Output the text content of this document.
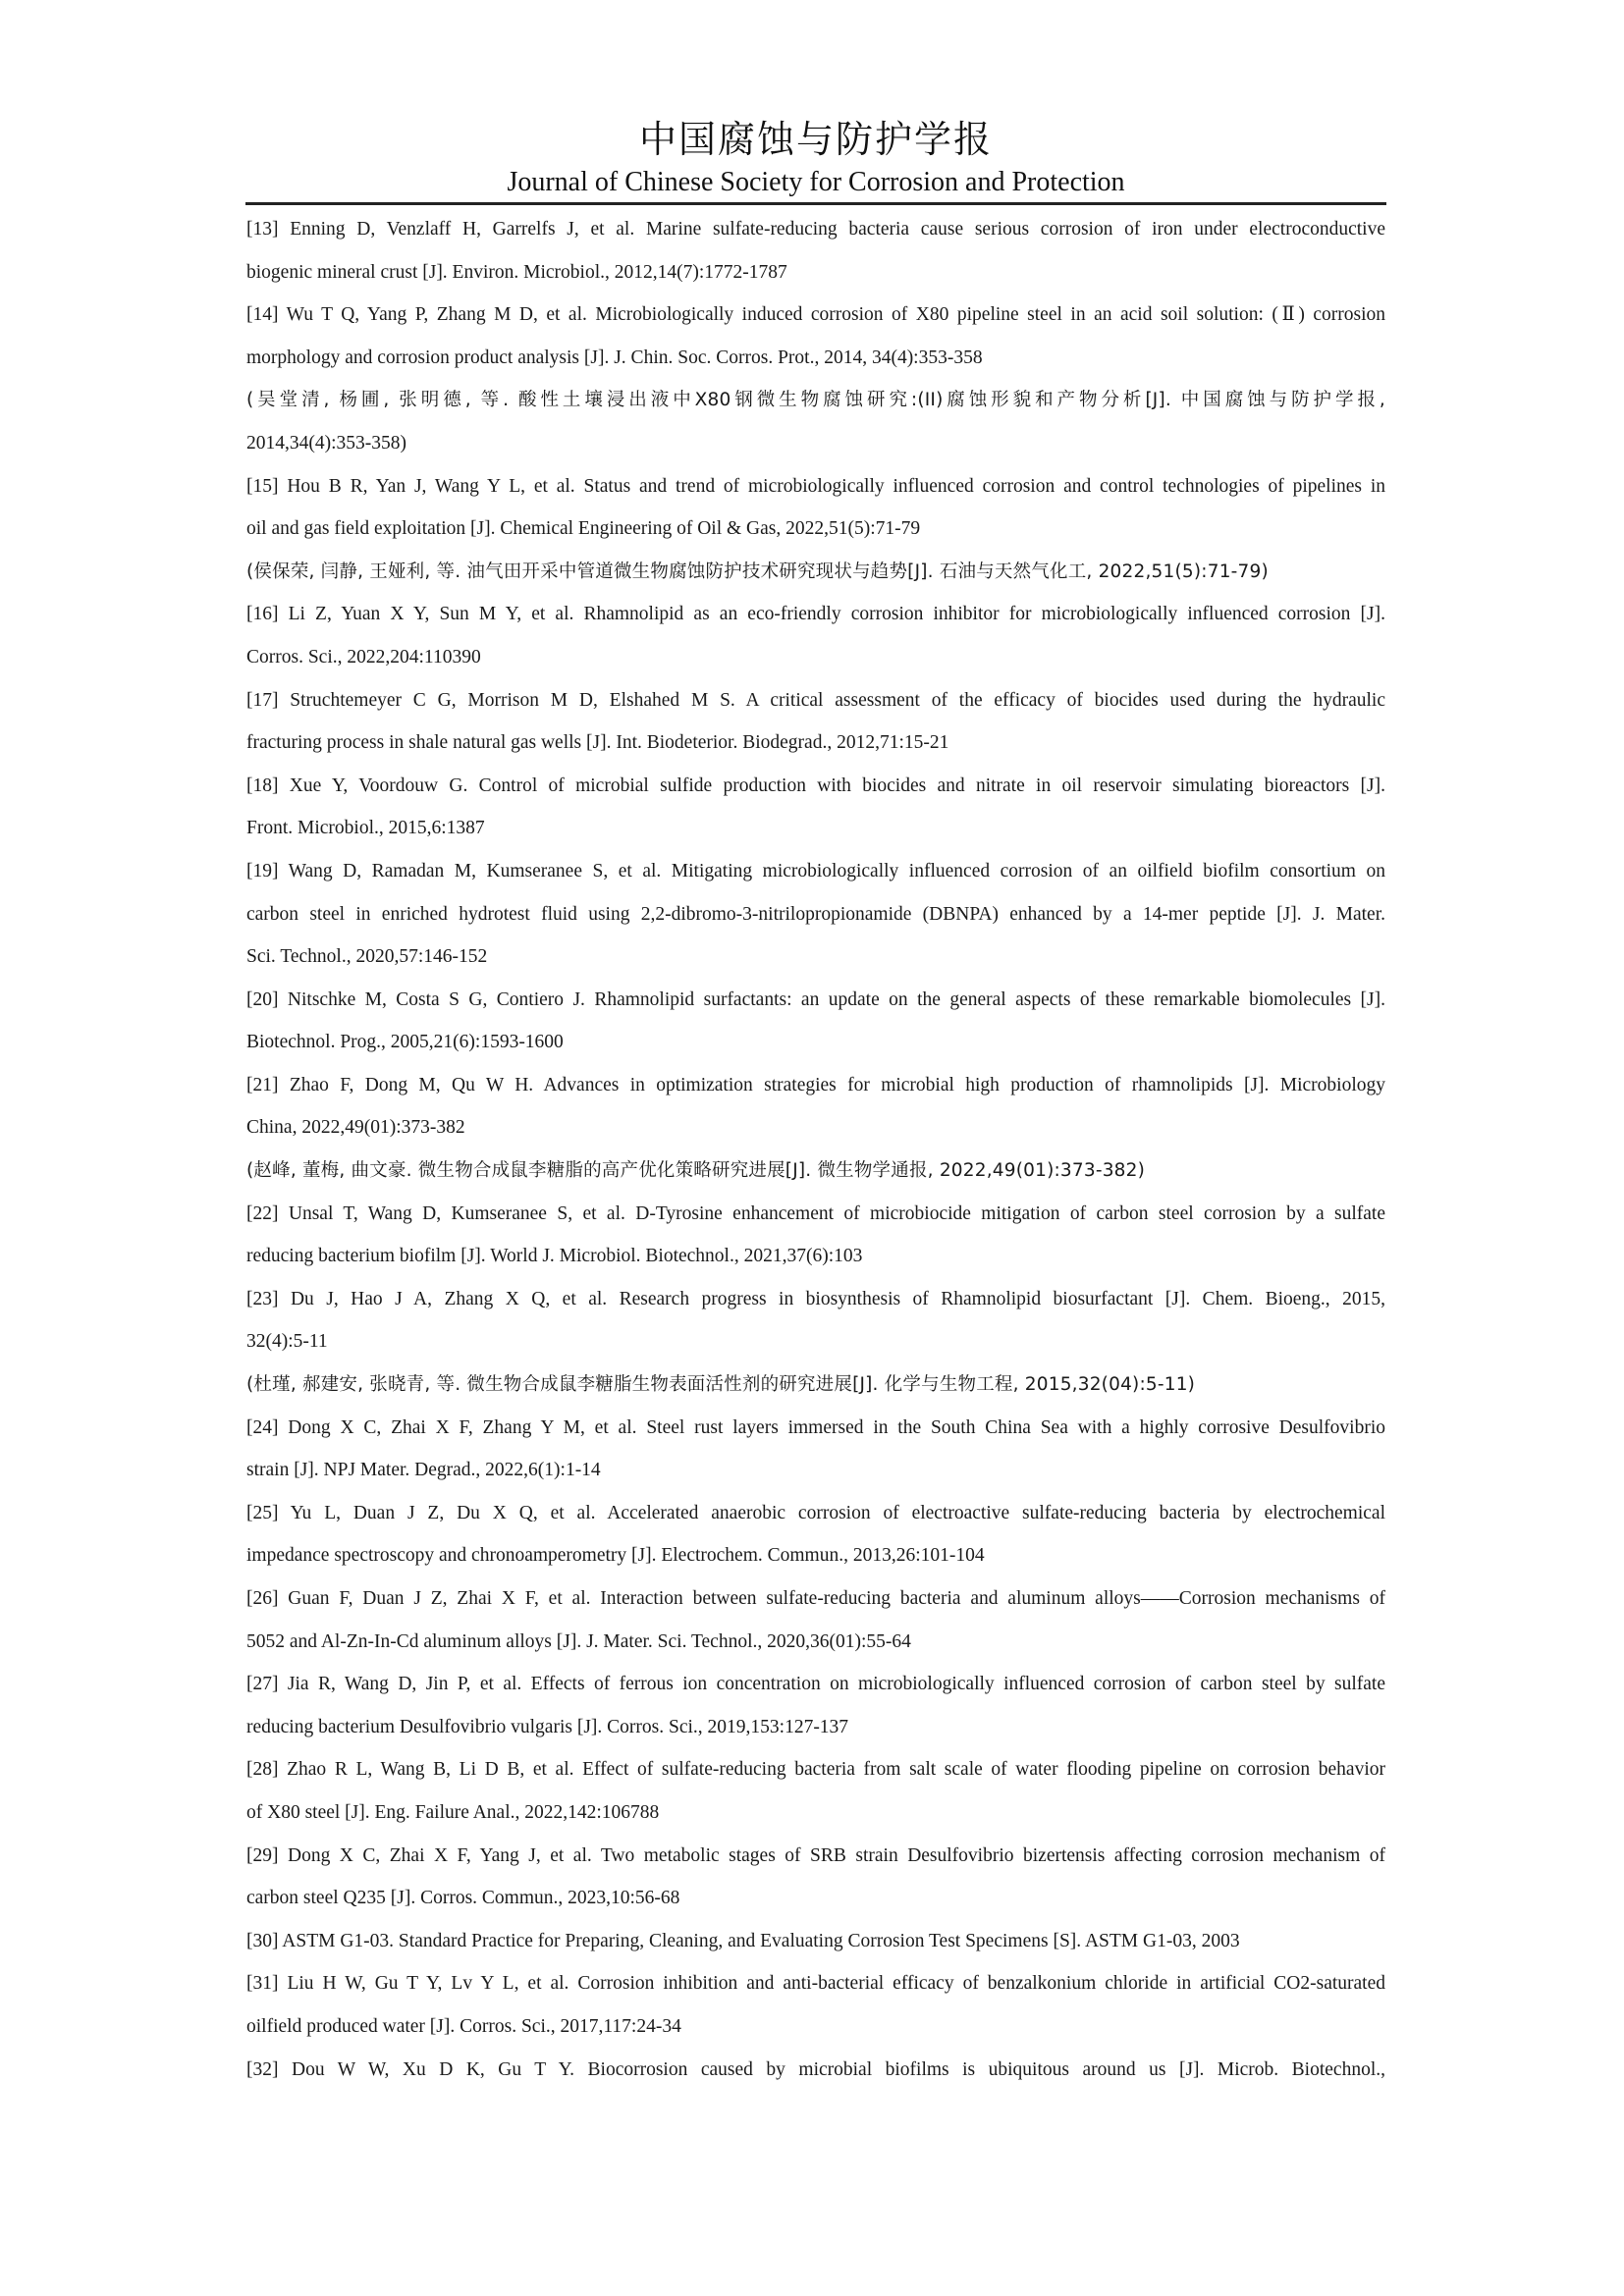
中国腐蚀与防护学报
Journal of Chinese Society for Corrosion and Protection
[13] Enning D, Venzlaff H, Garrelfs J, et al. Marine sulfate-reducing bacteria cause serious corrosion of iron under electroconductive
biogenic mineral crust [J]. Environ. Microbiol., 2012,14(7):1772-1787
[14] Wu T Q, Yang P, Zhang M D, et al. Microbiologically induced corrosion of X80 pipeline steel in an acid soil solution: (Ⅱ) corrosion
morphology and corrosion product analysis [J]. J. Chin. Soc. Corros. Prot., 2014, 34(4):353-358
(吴堂清, 杨圃, 张明德, 等. 酸性土壤浸出液中X80钢微生物腐蚀研究:(II)腐蚀形貌和产物分析[J]. 中国腐蚀与防护学报,
2014,34(4):353-358)
[15] Hou B R, Yan J, Wang Y L, et al. Status and trend of microbiologically influenced corrosion and control technologies of pipelines in
oil and gas field exploitation [J]. Chemical Engineering of Oil & Gas, 2022,51(5):71-79
(侯保荣, 闫静, 王娅利, 等. 油气田开采中管道微生物腐蚀防护技术研究现状与趋势[J]. 石油与天然气化工, 2022,51(5):71-79)
[16] Li Z, Yuan X Y, Sun M Y, et al. Rhamnolipid as an eco-friendly corrosion inhibitor for microbiologically influenced corrosion [J].
Corros. Sci., 2022,204:110390
[17] Struchtemeyer C G, Morrison M D, Elshahed M S. A critical assessment of the efficacy of biocides used during the hydraulic
fracturing process in shale natural gas wells [J]. Int. Biodeterior. Biodegrad., 2012,71:15-21
[18] Xue Y, Voordouw G. Control of microbial sulfide production with biocides and nitrate in oil reservoir simulating bioreactors [J].
Front. Microbiol., 2015,6:1387
[19] Wang D, Ramadan M, Kumseranee S, et al. Mitigating microbiologically influenced corrosion of an oilfield biofilm consortium on
carbon steel in enriched hydrotest fluid using 2,2-dibromo-3-nitrilopropionamide (DBNPA) enhanced by a 14-mer peptide [J]. J. Mater.
Sci. Technol., 2020,57:146-152
[20] Nitschke M, Costa S G, Contiero J. Rhamnolipid surfactants: an update on the general aspects of these remarkable biomolecules [J].
Biotechnol. Prog., 2005,21(6):1593-1600
[21] Zhao F, Dong M, Qu W H. Advances in optimization strategies for microbial high production of rhamnolipids [J]. Microbiology
China, 2022,49(01):373-382
(赵峰, 董梅, 曲文豪. 微生物合成鼠李糖脂的高产优化策略研究进展[J]. 微生物学通报, 2022,49(01):373-382)
[22] Unsal T, Wang D, Kumseranee S, et al. D-Tyrosine enhancement of microbiocide mitigation of carbon steel corrosion by a sulfate
reducing bacterium biofilm [J]. World J. Microbiol. Biotechnol., 2021,37(6):103
[23] Du J, Hao J A, Zhang X Q, et al. Research progress in biosynthesis of Rhamnolipid biosurfactant [J]. Chem. Bioeng., 2015,
32(4):5-11
(杜瑾, 郝建安, 张晓青, 等. 微生物合成鼠李糖脂生物表面活性剂的研究进展[J]. 化学与生物工程, 2015,32(04):5-11)
[24] Dong X C, Zhai X F, Zhang Y M, et al. Steel rust layers immersed in the South China Sea with a highly corrosive Desulfovibrio
strain [J]. NPJ Mater. Degrad., 2022,6(1):1-14
[25] Yu L, Duan J Z, Du X Q, et al. Accelerated anaerobic corrosion of electroactive sulfate-reducing bacteria by electrochemical
impedance spectroscopy and chronoamperometry [J]. Electrochem. Commun., 2013,26:101-104
[26] Guan F, Duan J Z, Zhai X F, et al. Interaction between sulfate-reducing bacteria and aluminum alloys——Corrosion mechanisms of
5052 and Al-Zn-In-Cd aluminum alloys [J]. J. Mater. Sci. Technol., 2020,36(01):55-64
[27] Jia R, Wang D, Jin P, et al. Effects of ferrous ion concentration on microbiologically influenced corrosion of carbon steel by sulfate
reducing bacterium Desulfovibrio vulgaris [J]. Corros. Sci., 2019,153:127-137
[28] Zhao R L, Wang B, Li D B, et al. Effect of sulfate-reducing bacteria from salt scale of water flooding pipeline on corrosion behavior
of X80 steel [J]. Eng. Failure Anal., 2022,142:106788
[29] Dong X C, Zhai X F, Yang J, et al. Two metabolic stages of SRB strain Desulfovibrio bizertensis affecting corrosion mechanism of
carbon steel Q235 [J]. Corros. Commun., 2023,10:56-68
[30] ASTM G1-03. Standard Practice for Preparing, Cleaning, and Evaluating Corrosion Test Specimens [S]. ASTM G1-03, 2003
[31] Liu H W, Gu T Y, Lv Y L, et al. Corrosion inhibition and anti-bacterial efficacy of benzalkonium chloride in artificial CO2-saturated
oilfield produced water [J]. Corros. Sci., 2017,117:24-34
[32] Dou W W, Xu D K, Gu T Y. Biocorrosion caused by microbial biofilms is ubiquitous around us [J]. Microb. Biotechnol.,
